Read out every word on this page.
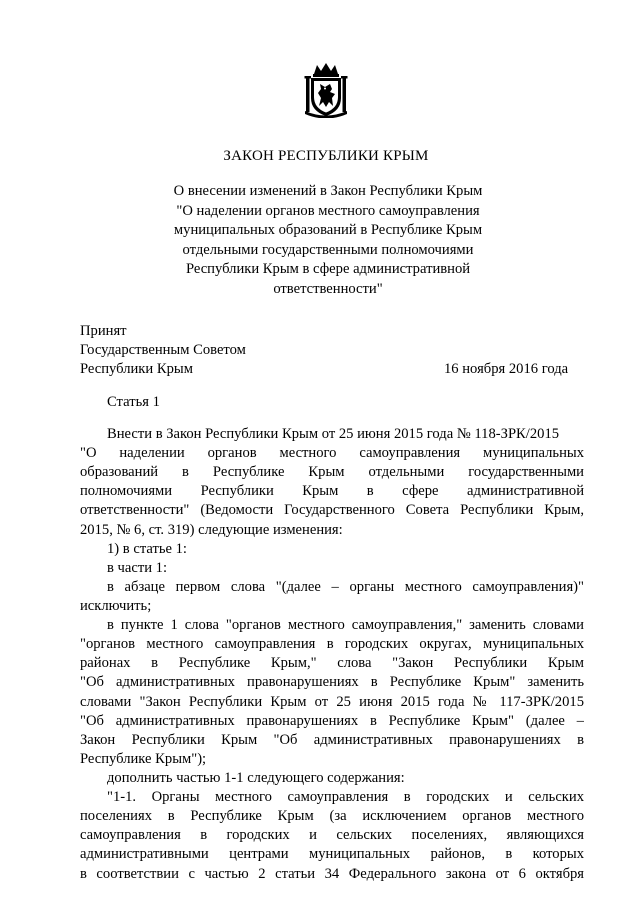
ЗАКОН РЕСПУБЛИКИ КРЫМ
О внесении изменений в Закон Республики Крым
"О наделении органов местного самоуправления
муниципальных образований в Республике Крым
отдельными государственными полномочиями
Республики Крым в сфере административной
ответственности"
Принят
Государственным Советом
Республики Крым	16 ноября 2016 года
Статья 1
Внести в Закон Республики Крым от 25 июня 2015 года № 118-ЗРК/2015
"О наделении органов местного самоуправления муниципальных
образований в Республике Крым отдельными государственными
полномочиями Республики Крым в сфере административной
ответственности" (Ведомости Государственного Совета Республики Крым,
2015, № 6, ст. 319) следующие изменения:
1) в статье 1:
в части 1:
в абзаце первом слова "(далее – органы местного самоуправления)"
исключить;
в пункте 1 слова "органов местного самоуправления," заменить словами
"органов местного самоуправления в городских округах, муниципальных
районах в Республике Крым," слова "Закон Республики Крым
"Об административных правонарушениях в Республике Крым" заменить
словами "Закон Республики Крым от 25 июня 2015 года № 117-ЗРК/2015
"Об административных правонарушениях в Республике Крым" (далее –
Закон Республики Крым "Об административных правонарушениях в
Республике Крым");
дополнить частью 1-1 следующего содержания:
"1-1. Органы местного самоуправления в городских и сельских
поселениях в Республике Крым (за исключением органов местного
самоуправления в городских и сельских поселениях, являющихся
административными центрами муниципальных районов, в которых
в соответствии с частью 2 статьи 34 Федерального закона от 6 октября
